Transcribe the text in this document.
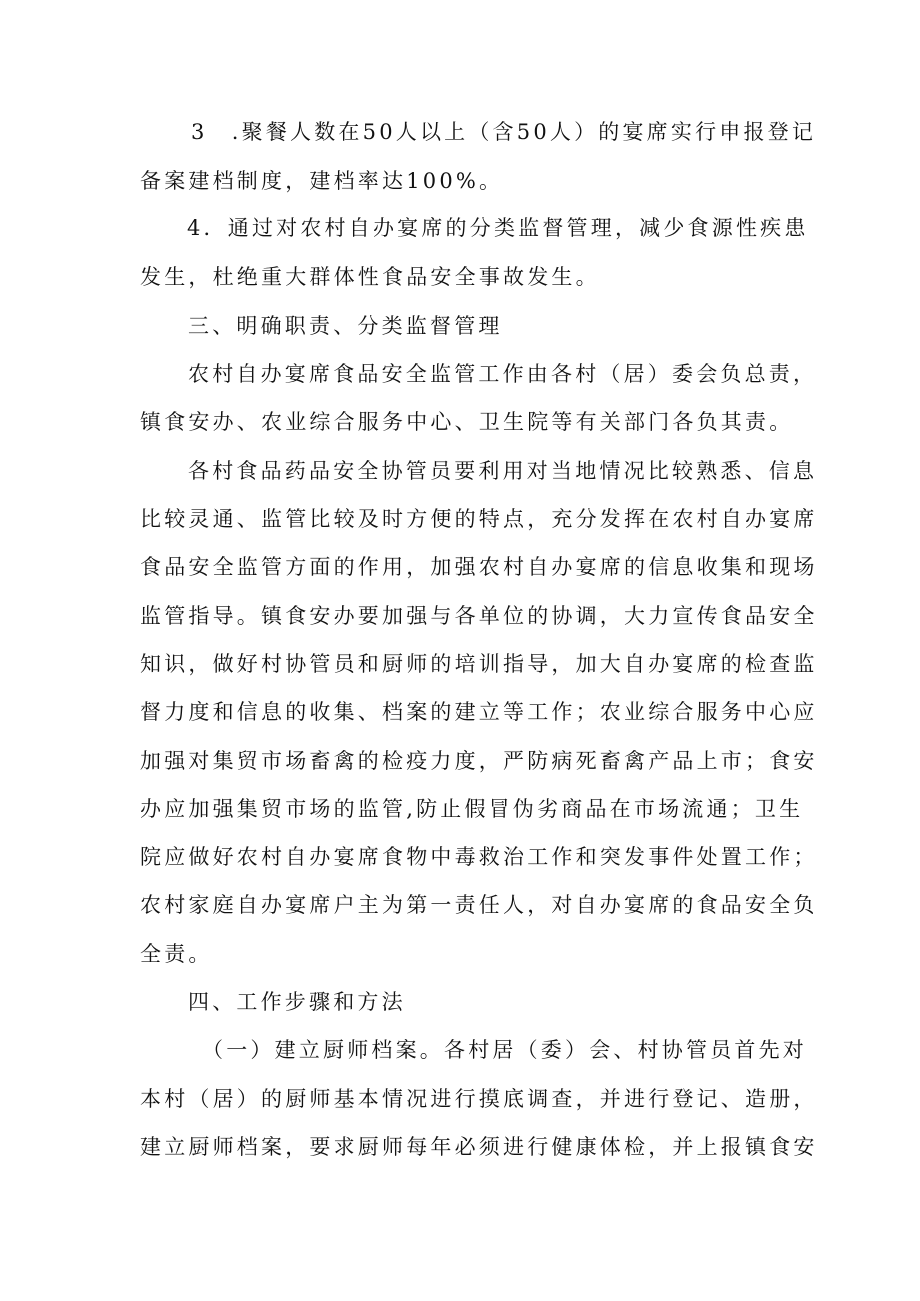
3　.聚餐人数在50人以上（含50人）的宴席实行申报登记
备案建档制度，建档率达100%。
4．通过对农村自办宴席的分类监督管理，减少食源性疾患
发生，杜绝重大群体性食品安全事故发生。
三、明确职责、分类监督管理
农村自办宴席食品安全监管工作由各村（居）委会负总责，
镇食安办、农业综合服务中心、卫生院等有关部门各负其责。
各村食品药品安全协管员要利用对当地情况比较熟悉、信息
比较灵通、监管比较及时方便的特点，充分发挥在农村自办宴席
食品安全监管方面的作用，加强农村自办宴席的信息收集和现场
监管指导。镇食安办要加强与各单位的协调，大力宣传食品安全
知识，做好村协管员和厨师的培训指导，加大自办宴席的检查监
督力度和信息的收集、档案的建立等工作；农业综合服务中心应
加强对集贸市场畜禽的检疫力度，严防病死畜禽产品上市；食安
办应加强集贸市场的监管,防止假冒伪劣商品在市场流通；卫生
院应做好农村自办宴席食物中毒救治工作和突发事件处置工作；
农村家庭自办宴席户主为第一责任人，对自办宴席的食品安全负
全责。
四、工作步骤和方法
（一）建立厨师档案。各村居（委）会、村协管员首先对
本村（居）的厨师基本情况进行摸底调查，并进行登记、造册，
建立厨师档案，要求厨师每年必须进行健康体检，并上报镇食安
